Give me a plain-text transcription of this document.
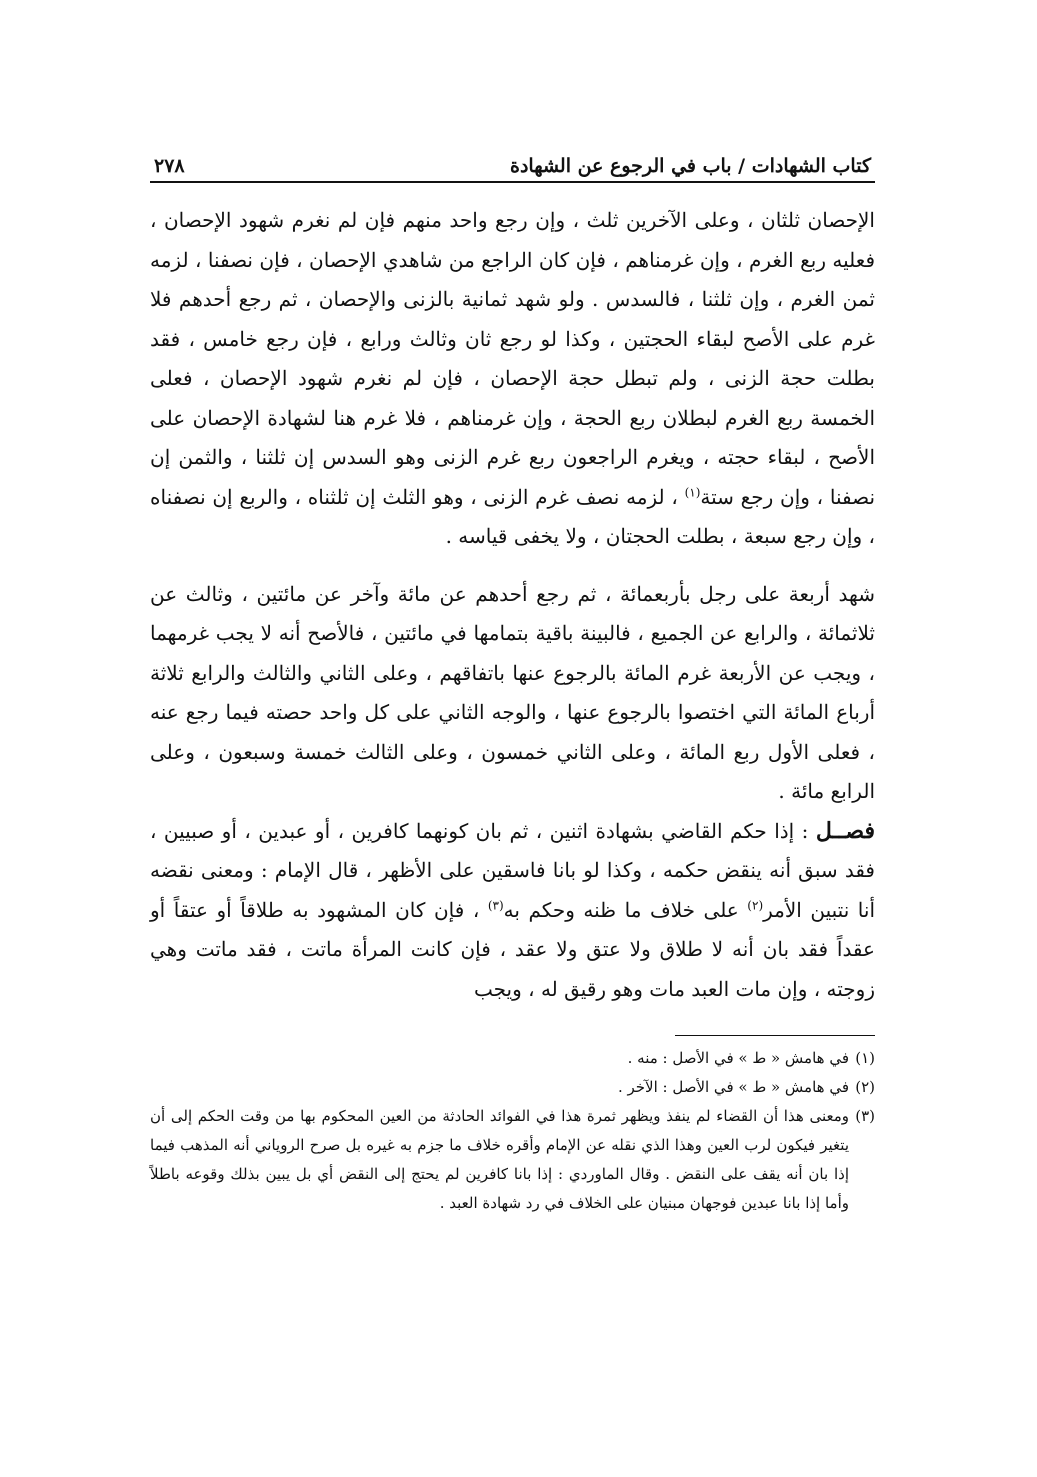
كتاب الشهادات / باب في الرجوع عن الشهادة
٢٧٨

الإحصان ثلثان ، وعلى الآخرين ثلث ، وإن رجع واحد منهم فإن لم نغرم شهود الإحصان ، فعليه ربع الغرم ، وإن غرمناهم ، فإن كان الراجع من شاهدي الإحصان ، فإن نصفنا ، لزمه ثمن الغرم ، وإن ثلثنا ، فالسدس . ولو شهد ثمانية بالزنى والإحصان ، ثم رجع أحدهم فلا غرم على الأصح لبقاء الحجتين ، وكذا لو رجع ثان وثالث ورابع ، فإن رجع خامس ، فقد بطلت حجة الزنى ، ولم تبطل حجة الإحصان ، فإن لم نغرم شهود الإحصان ، فعلى الخمسة ربع الغرم لبطلان ربع الحجة ، وإن غرمناهم ، فلا غرم هنا لشهادة الإحصان على الأصح ، لبقاء حجته ، ويغرم الراجعون ربع غرم الزنى وهو السدس إن ثلثنا ، والثمن إن نصفنا ، وإن رجع ستة$^{(١)}$ ، لزمه نصف غرم الزنى ، وهو الثلث إن ثلثناه ، والربع إن نصفناه ، وإن رجع سبعة ، بطلت الحجتان ، ولا يخفى قياسه .

شهد أربعة على رجل بأربعمائة ، ثم رجع أحدهم عن مائة وآخر عن مائتين ، وثالث عن ثلاثمائة ، والرابع عن الجميع ، فالبينة باقية بتمامها في مائتين ، فالأصح أنه لا يجب غرمهما ، ويجب عن الأربعة غرم المائة بالرجوع عنها باتفاقهم ، وعلى الثاني والثالث والرابع ثلاثة أرباع المائة التي اختصوا بالرجوع عنها ، والوجه الثاني على كل واحد حصته فيما رجع عنه ، فعلى الأول ربع المائة ، وعلى الثاني خمسون ، وعلى الثالث خمسة وسبعون ، وعلى الرابع مائة .

فصــل : إذا حكم القاضي بشهادة اثنين ، ثم بان كونهما كافرين ، أو عبدين ، أو صبيين ، فقد سبق أنه ينقض حكمه ، وكذا لو بانا فاسقين على الأظهر ، قال الإمام : ومعنى نقضه أنا نتبين الأمر$^{(٢)}$ على خلاف ما ظنه وحكم به$^{(٣)}$ ، فإن كان المشهود به طلاقاً أو عتقاً أو عقداً فقد بان أنه لا طلاق ولا عتق ولا عقد ، فإن كانت المرأة ماتت ، فقد ماتت وهي زوجته ، وإن مات العبد مات وهو رقيق له ، ويجب

(١)
في هامش « ط » في الأصل : منه .
(٢)
في هامش « ط » في الأصل : الآخر .
(٣)
ومعنى هذا أن القضاء لم ينفذ ويظهر ثمرة هذا في الفوائد الحادثة من العين المحكوم بها من وقت الحكم إلى أن يتغير فيكون لرب العين وهذا الذي نقله عن الإمام وأقره خلاف ما جزم به غيره بل صرح الروياني أنه المذهب فيما إذا بان أنه يقف على النقض . وقال الماوردي : إذا بانا كافرين لم يحتج إلى النقض أي بل يبين بذلك وقوعه باطلاً وأما إذا بانا عبدين فوجهان مبنيان على الخلاف في رد شهادة العبد .
